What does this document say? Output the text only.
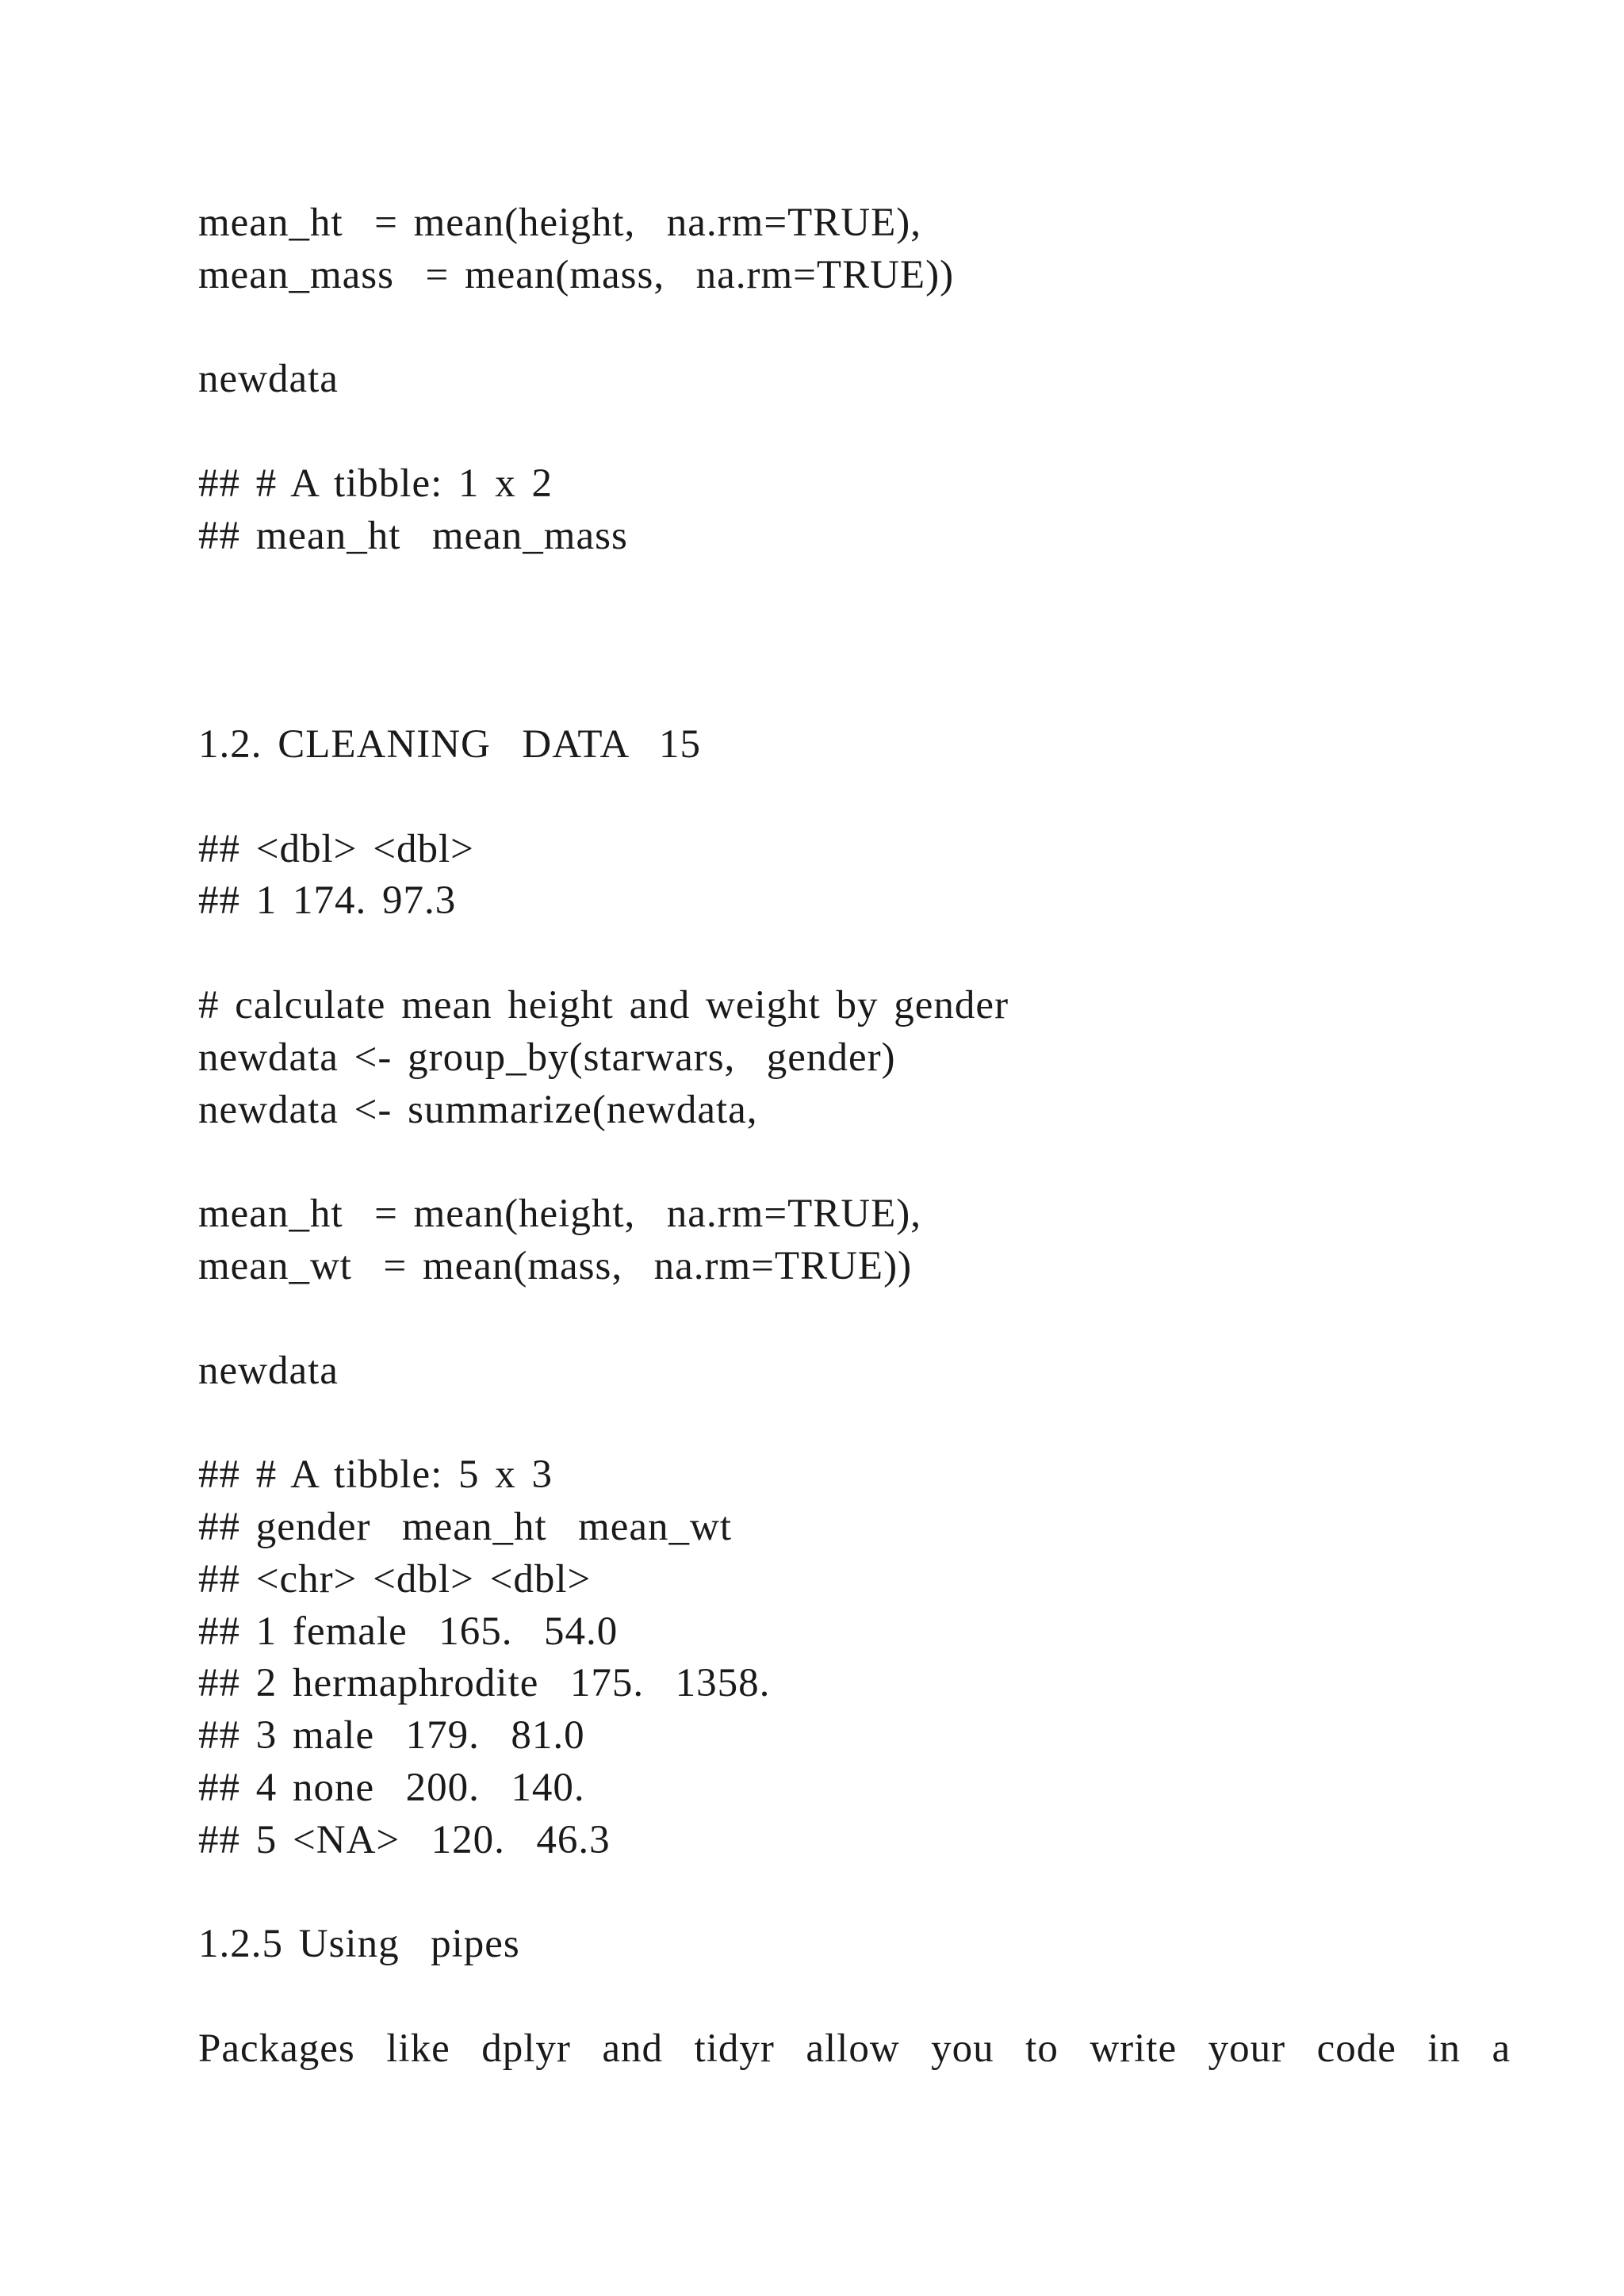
mean_ht  = mean(height,  na.rm=TRUE),

mean_mass  = mean(mass,  na.rm=TRUE))

newdata

## # A tibble: 1 x 2

## mean_ht  mean_mass

1.2. CLEANING  DATA  15

## <dbl> <dbl>

## 1 174. 97.3

# calculate mean height and weight by gender

newdata <- group_by(starwars,  gender)

newdata <- summarize(newdata,

mean_ht  = mean(height,  na.rm=TRUE),

mean_wt  = mean(mass,  na.rm=TRUE))

newdata

## # A tibble: 5 x 3

## gender  mean_ht  mean_wt

## <chr> <dbl> <dbl>

## 1 female  165.  54.0

## 2 hermaphrodite  175.  1358.

## 3 male  179.  81.0

## 4 none  200.  140.

## 5 <NA>  120.  46.3

1.2.5 Using  pipes

Packages  like  dplyr  and  tidyr  allow  you  to  write  your  code  in  a
